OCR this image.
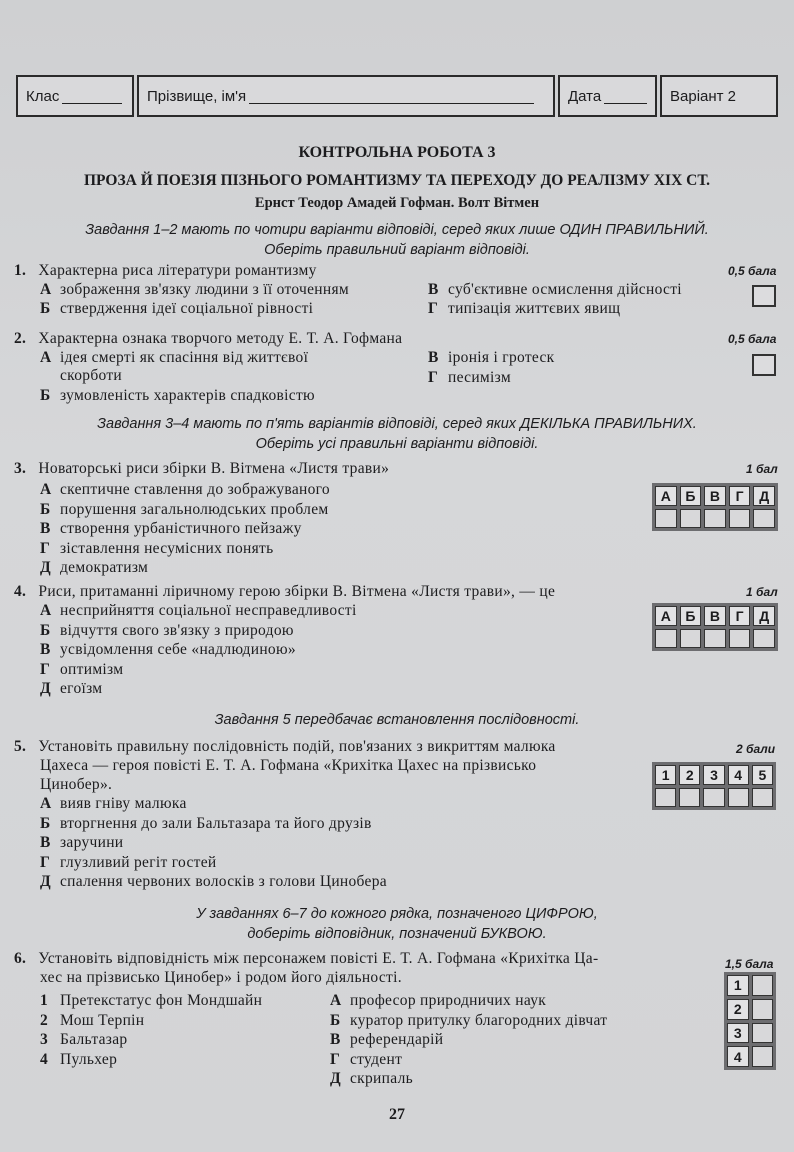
Клас	Прізвище, ім'я	Дата	Варіант 2
КОНТРОЛЬНА РОБОТА 3
ПРОЗА Й ПОЕЗІЯ ПІЗНЬОГО РОМАНТИЗМУ ТА ПЕРЕХОДУ ДО РЕАЛІЗМУ XIX СТ.
Ернст Теодор Амадей Гофман. Волт Вітмен
Завдання 1–2 мають по чотири варіанти відповіді, серед яких лише ОДИН ПРАВИЛЬНИЙ.
Оберіть правильний варіант відповіді.
1. Характерна риса літератури романтизму	0,5 бала
А зображення зв'язку людини з її оточенням
Б ствердження ідеї соціальної рівності
В суб'єктивне осмислення дійсності
Г типізація життєвих явищ
2. Характерна ознака творчого методу Е. Т. А. Гофмана	0,5 бала
А ідея смерті як спасіння від життєвої
скорботи
Б зумовленість характерів спадковістю
В іронія і гротеск
Г песимізм
Завдання 3–4 мають по п'ять варіантів відповіді, серед яких ДЕКІЛЬКА ПРАВИЛЬНИХ.
Оберіть усі правильні варіанти відповіді.
3. Новаторські риси збірки В. Вітмена «Листя трави»	1 бал
А скептичне ставлення до зображуваного
Б порушення загальнолюдських проблем
В створення урбаністичного пейзажу
Г зіставлення несумісних понять
Д демократизм
А	Б	В	Г	Д
4. Риси, притаманні ліричному герою збірки В. Вітмена «Листя трави», — це	1 бал
А несприйняття соціальної несправедливості
Б відчуття свого зв'язку з природою
В усвідомлення себе «надлюдиною»
Г оптимізм
Д егоїзм
А	Б	В	Г	Д
Завдання 5 передбачає встановлення послідовності.
5. Установіть правильну послідовність подій, пов'язаних з викриттям малюка
Цахеса — героя повісті Е. Т. А. Гофмана «Крихітка Цахес на прізвисько
Цинобер».
2 бали
А вияв гніву малюка
Б вторгнення до зали Бальтазара та його друзів
В заручини
Г глузливий регіт гостей
Д спалення червоних волосків з голови Цинобера
1	2	3	4	5
У завданнях 6–7 до кожного рядка, позначеного ЦИФРОЮ,
доберіть відповідник, позначений БУКВОЮ.
6. Установіть відповідність між персонажем повісті Е. Т. А. Гофмана «Крихітка Ца-
хес на прізвисько Цинобер» і родом його діяльності.
1,5 бала
1 Претекстатус фон Мондшайн
2 Мош Терпін
3 Бальтазар
4 Пульхер
А професор природничих наук
Б куратор притулку благородних дівчат
В референдарій
Г студент
Д скрипаль
1
2
3
4
27
